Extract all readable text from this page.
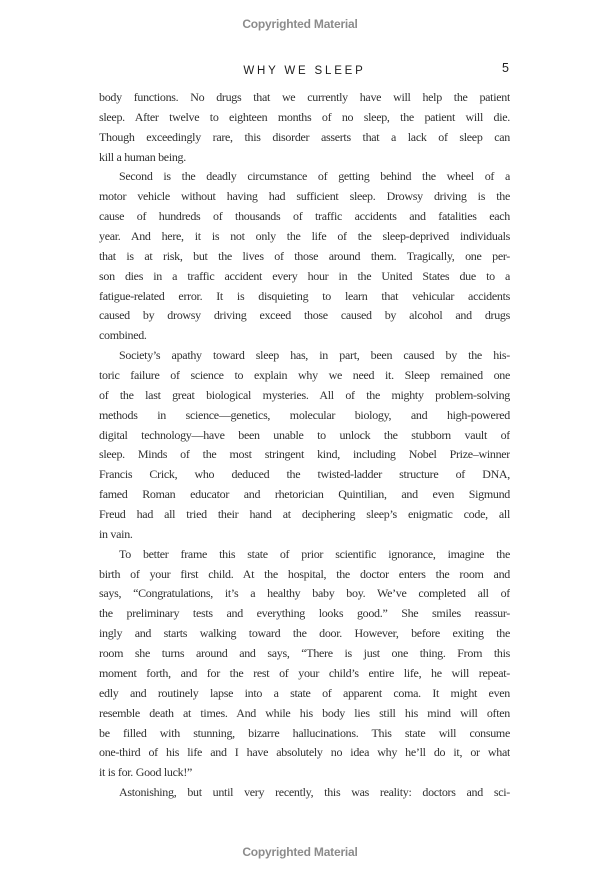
Copyrighted Material
WHY WE SLEEP	5
body functions. No drugs that we currently have will help the patient
sleep. After twelve to eighteen months of no sleep, the patient will die.
Though exceedingly rare, this disorder asserts that a lack of sleep can
kill a human being.
Second is the deadly circumstance of getting behind the wheel of a
motor vehicle without having had sufficient sleep. Drowsy driving is the
cause of hundreds of thousands of traffic accidents and fatalities each
year. And here, it is not only the life of the sleep-deprived individuals
that is at risk, but the lives of those around them. Tragically, one per-
son dies in a traffic accident every hour in the United States due to a
fatigue-related error. It is disquieting to learn that vehicular accidents
caused by drowsy driving exceed those caused by alcohol and drugs
combined.
Society’s apathy toward sleep has, in part, been caused by the his-
toric failure of science to explain why we need it. Sleep remained one
of the last great biological mysteries. All of the mighty problem-solving
methods in science—genetics, molecular biology, and high-powered
digital technology—have been unable to unlock the stubborn vault of
sleep. Minds of the most stringent kind, including Nobel Prize–winner
Francis Crick, who deduced the twisted-ladder structure of DNA,
famed Roman educator and rhetorician Quintilian, and even Sigmund
Freud had all tried their hand at deciphering sleep’s enigmatic code, all
in vain.
To better frame this state of prior scientific ignorance, imagine the
birth of your first child. At the hospital, the doctor enters the room and
says, “Congratulations, it’s a healthy baby boy. We’ve completed all of
the preliminary tests and everything looks good.” She smiles reassur-
ingly and starts walking toward the door. However, before exiting the
room she turns around and says, “There is just one thing. From this
moment forth, and for the rest of your child’s entire life, he will repeat-
edly and routinely lapse into a state of apparent coma. It might even
resemble death at times. And while his body lies still his mind will often
be filled with stunning, bizarre hallucinations. This state will consume
one-third of his life and I have absolutely no idea why he’ll do it, or what
it is for. Good luck!”
Astonishing, but until very recently, this was reality: doctors and sci-
Copyrighted Material
